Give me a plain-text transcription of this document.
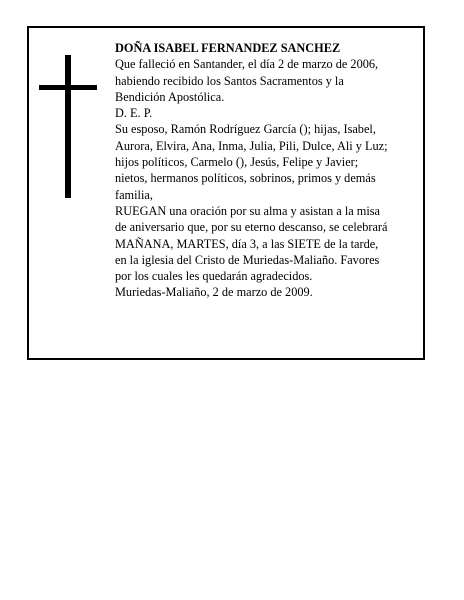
DOÑA ISABEL FERNANDEZ SANCHEZ

Que falleció en Santander, el día 2 de marzo de 2006,

habiendo recibido los Santos Sacramentos y la

Bendición Apostólica.

D. E. P.

Su esposo, Ramón Rodríguez García (); hijas, Isabel,

Aurora, Elvira, Ana, Inma, Julia, Pili, Dulce, Ali y Luz;

hijos políticos, Carmelo (), Jesús, Felipe y Javier;

nietos, hermanos políticos, sobrinos, primos y demás

familia,

RUEGAN una oración por su alma y asistan a la misa

de aniversario que, por su eterno descanso, se celebrará

MAÑANA, MARTES, día 3, a las SIETE de la tarde,

en la iglesia del Cristo de Muriedas-Maliaño. Favores

por los cuales les quedarán agradecidos.

Muriedas-Maliaño, 2 de marzo de 2009.
